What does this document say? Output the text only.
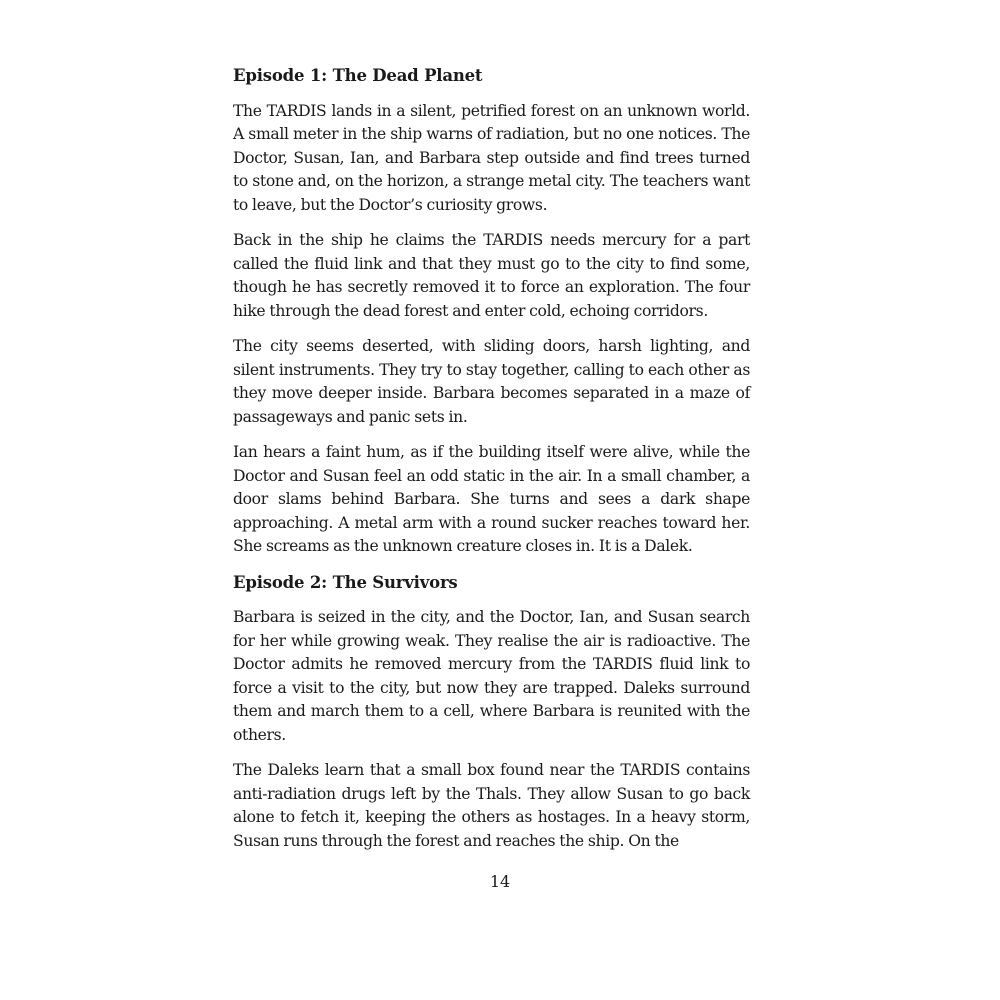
Episode 1: The Dead Planet

The TARDIS lands in a silent, petrified forest on an unknown world. A small meter in the ship warns of radiation, but no one notices. The Doctor, Susan, Ian, and Barbara step outside and find trees turned to stone and, on the horizon, a strange metal city. The teachers want to leave, but the Doctor’s curiosity grows.

Back in the ship he claims the TARDIS needs mercury for a part called the fluid link and that they must go to the city to find some, though he has secretly removed it to force an exploration. The four hike through the dead forest and enter cold, echoing corridors.

The city seems deserted, with sliding doors, harsh lighting, and silent instruments. They try to stay together, calling to each other as they move deeper inside. Barbara becomes separated in a maze of passageways and panic sets in.

Ian hears a faint hum, as if the building itself were alive, while the Doctor and Susan feel an odd static in the air. In a small chamber, a door slams behind Barbara. She turns and sees a dark shape approaching. A metal arm with a round sucker reaches toward her. She screams as the unknown creature closes in. It is a Dalek.

Episode 2: The Survivors

Barbara is seized in the city, and the Doctor, Ian, and Susan search for her while growing weak. They realise the air is radioactive. The Doctor admits he removed mercury from the TARDIS fluid link to force a visit to the city, but now they are trapped. Daleks surround them and march them to a cell, where Barbara is reunited with the others.

The Daleks learn that a small box found near the TARDIS contains anti-radiation drugs left by the Thals. They allow Susan to go back alone to fetch it, keeping the others as hostages. In a heavy storm, Susan runs through the forest and reaches the ship. On the

14
